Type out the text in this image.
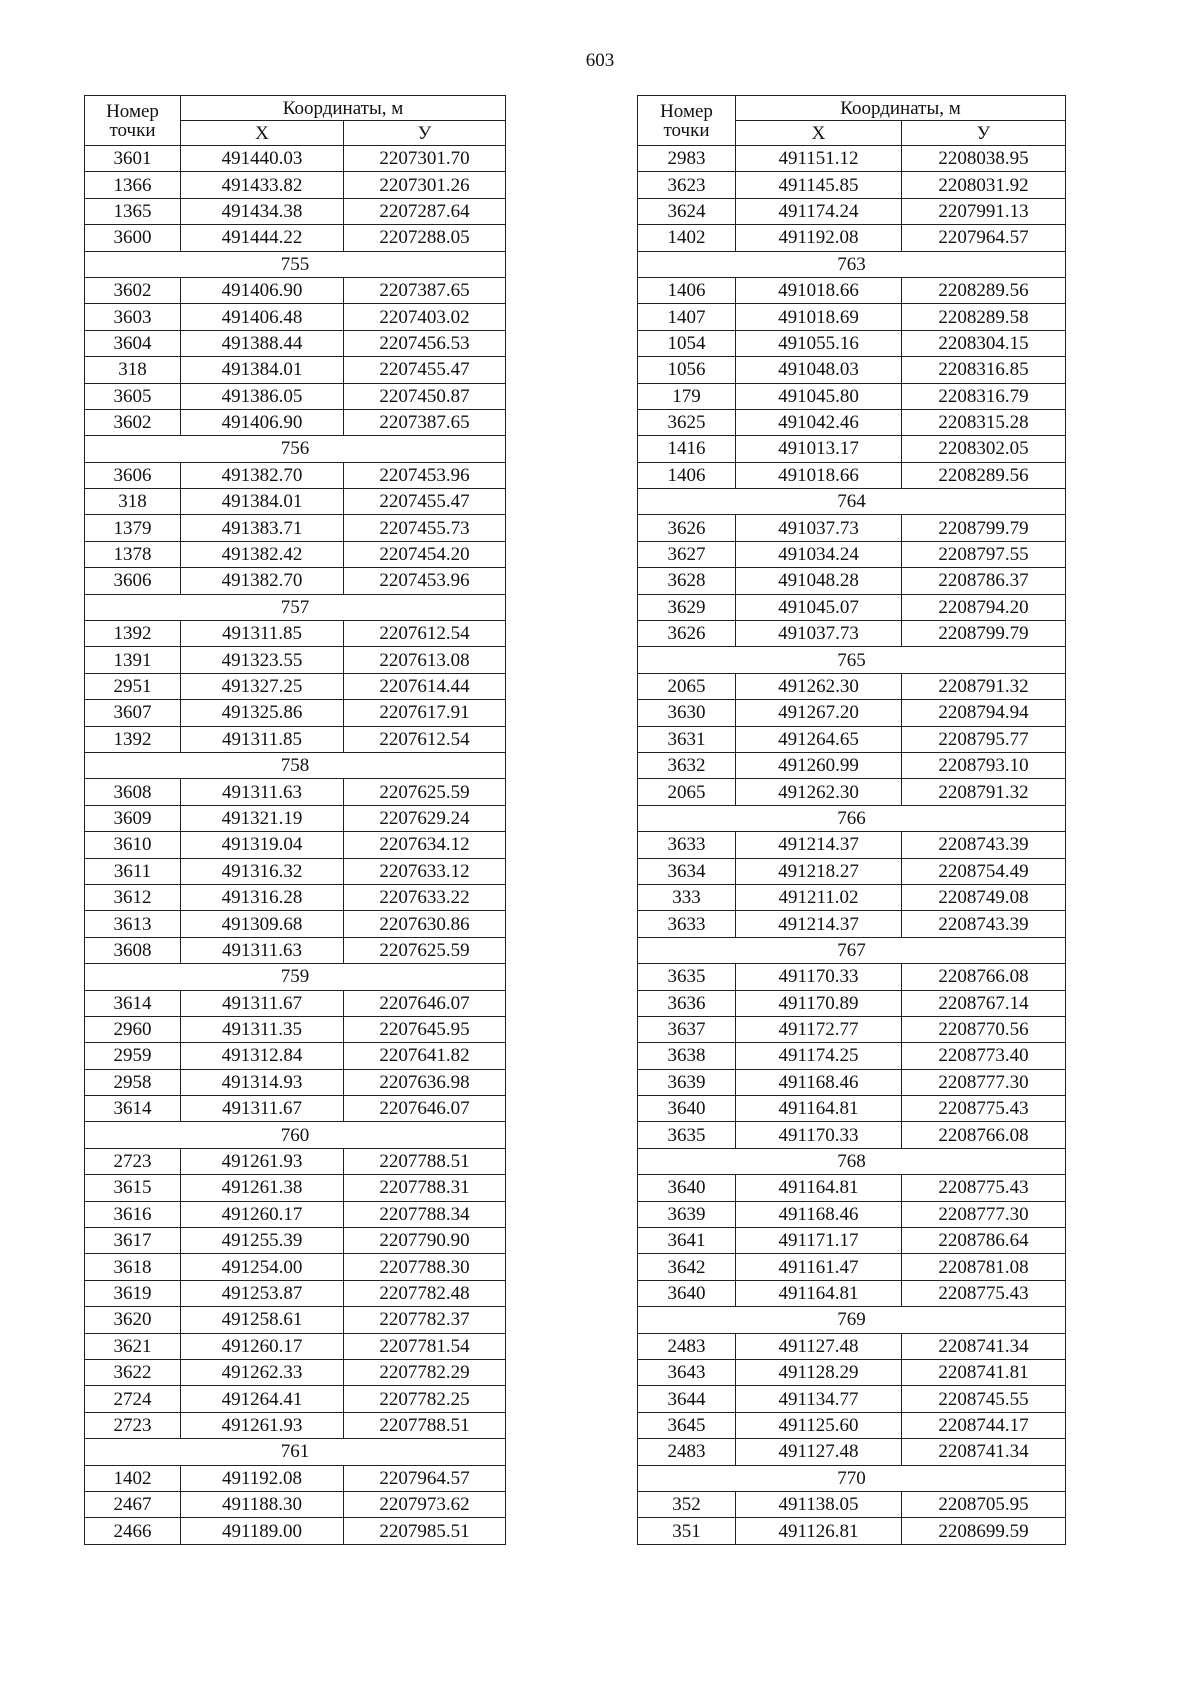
603
Номер
точки	Координаты, м	
	X	У
3601	491440.03	2207301.70
1366	491433.82	2207301.26
1365	491434.38	2207287.64
3600	491444.22	2207288.05
755		
3602	491406.90	2207387.65
3603	491406.48	2207403.02
3604	491388.44	2207456.53
318	491384.01	2207455.47
3605	491386.05	2207450.87
3602	491406.90	2207387.65
756		
3606	491382.70	2207453.96
318	491384.01	2207455.47
1379	491383.71	2207455.73
1378	491382.42	2207454.20
3606	491382.70	2207453.96
757		
1392	491311.85	2207612.54
1391	491323.55	2207613.08
2951	491327.25	2207614.44
3607	491325.86	2207617.91
1392	491311.85	2207612.54
758		
3608	491311.63	2207625.59
3609	491321.19	2207629.24
3610	491319.04	2207634.12
3611	491316.32	2207633.12
3612	491316.28	2207633.22
3613	491309.68	2207630.86
3608	491311.63	2207625.59
759		
3614	491311.67	2207646.07
2960	491311.35	2207645.95
2959	491312.84	2207641.82
2958	491314.93	2207636.98
3614	491311.67	2207646.07
760		
2723	491261.93	2207788.51
3615	491261.38	2207788.31
3616	491260.17	2207788.34
3617	491255.39	2207790.90
3618	491254.00	2207788.30
3619	491253.87	2207782.48
3620	491258.61	2207782.37
3621	491260.17	2207781.54
3622	491262.33	2207782.29
2724	491264.41	2207782.25
2723	491261.93	2207788.51
761		
1402	491192.08	2207964.57
2467	491188.30	2207973.62
2466	491189.00	2207985.51
Номер
точки	Координаты, м	
	X	У
2983	491151.12	2208038.95
3623	491145.85	2208031.92
3624	491174.24	2207991.13
1402	491192.08	2207964.57
763		
1406	491018.66	2208289.56
1407	491018.69	2208289.58
1054	491055.16	2208304.15
1056	491048.03	2208316.85
179	491045.80	2208316.79
3625	491042.46	2208315.28
1416	491013.17	2208302.05
1406	491018.66	2208289.56
764		
3626	491037.73	2208799.79
3627	491034.24	2208797.55
3628	491048.28	2208786.37
3629	491045.07	2208794.20
3626	491037.73	2208799.79
765		
2065	491262.30	2208791.32
3630	491267.20	2208794.94
3631	491264.65	2208795.77
3632	491260.99	2208793.10
2065	491262.30	2208791.32
766		
3633	491214.37	2208743.39
3634	491218.27	2208754.49
333	491211.02	2208749.08
3633	491214.37	2208743.39
767		
3635	491170.33	2208766.08
3636	491170.89	2208767.14
3637	491172.77	2208770.56
3638	491174.25	2208773.40
3639	491168.46	2208777.30
3640	491164.81	2208775.43
3635	491170.33	2208766.08
768		
3640	491164.81	2208775.43
3639	491168.46	2208777.30
3641	491171.17	2208786.64
3642	491161.47	2208781.08
3640	491164.81	2208775.43
769		
2483	491127.48	2208741.34
3643	491128.29	2208741.81
3644	491134.77	2208745.55
3645	491125.60	2208744.17
2483	491127.48	2208741.34
770		
352	491138.05	2208705.95
351	491126.81	2208699.59
